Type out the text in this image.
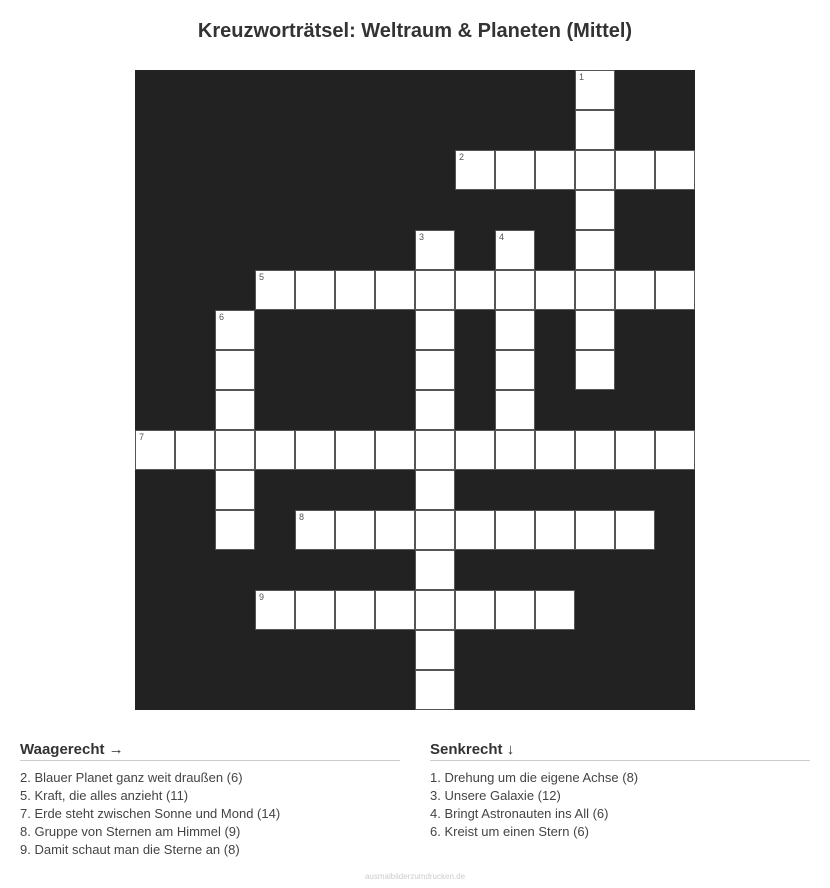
Kreuzworträtsel: Weltraum & Planeten (Mittel)
1
2
3	4
5
6
7
8
9
Waagerecht →
2. Blauer Planet ganz weit draußen (6)
5. Kraft, die alles anzieht (11)
7. Erde steht zwischen Sonne und Mond (14)
8. Gruppe von Sternen am Himmel (9)
9. Damit schaut man die Sterne an (8)
Senkrecht ↓
1. Drehung um die eigene Achse (8)
3. Unsere Galaxie (12)
4. Bringt Astronauten ins All (6)
6. Kreist um einen Stern (6)
ausmalbilderzumdrucken.de
